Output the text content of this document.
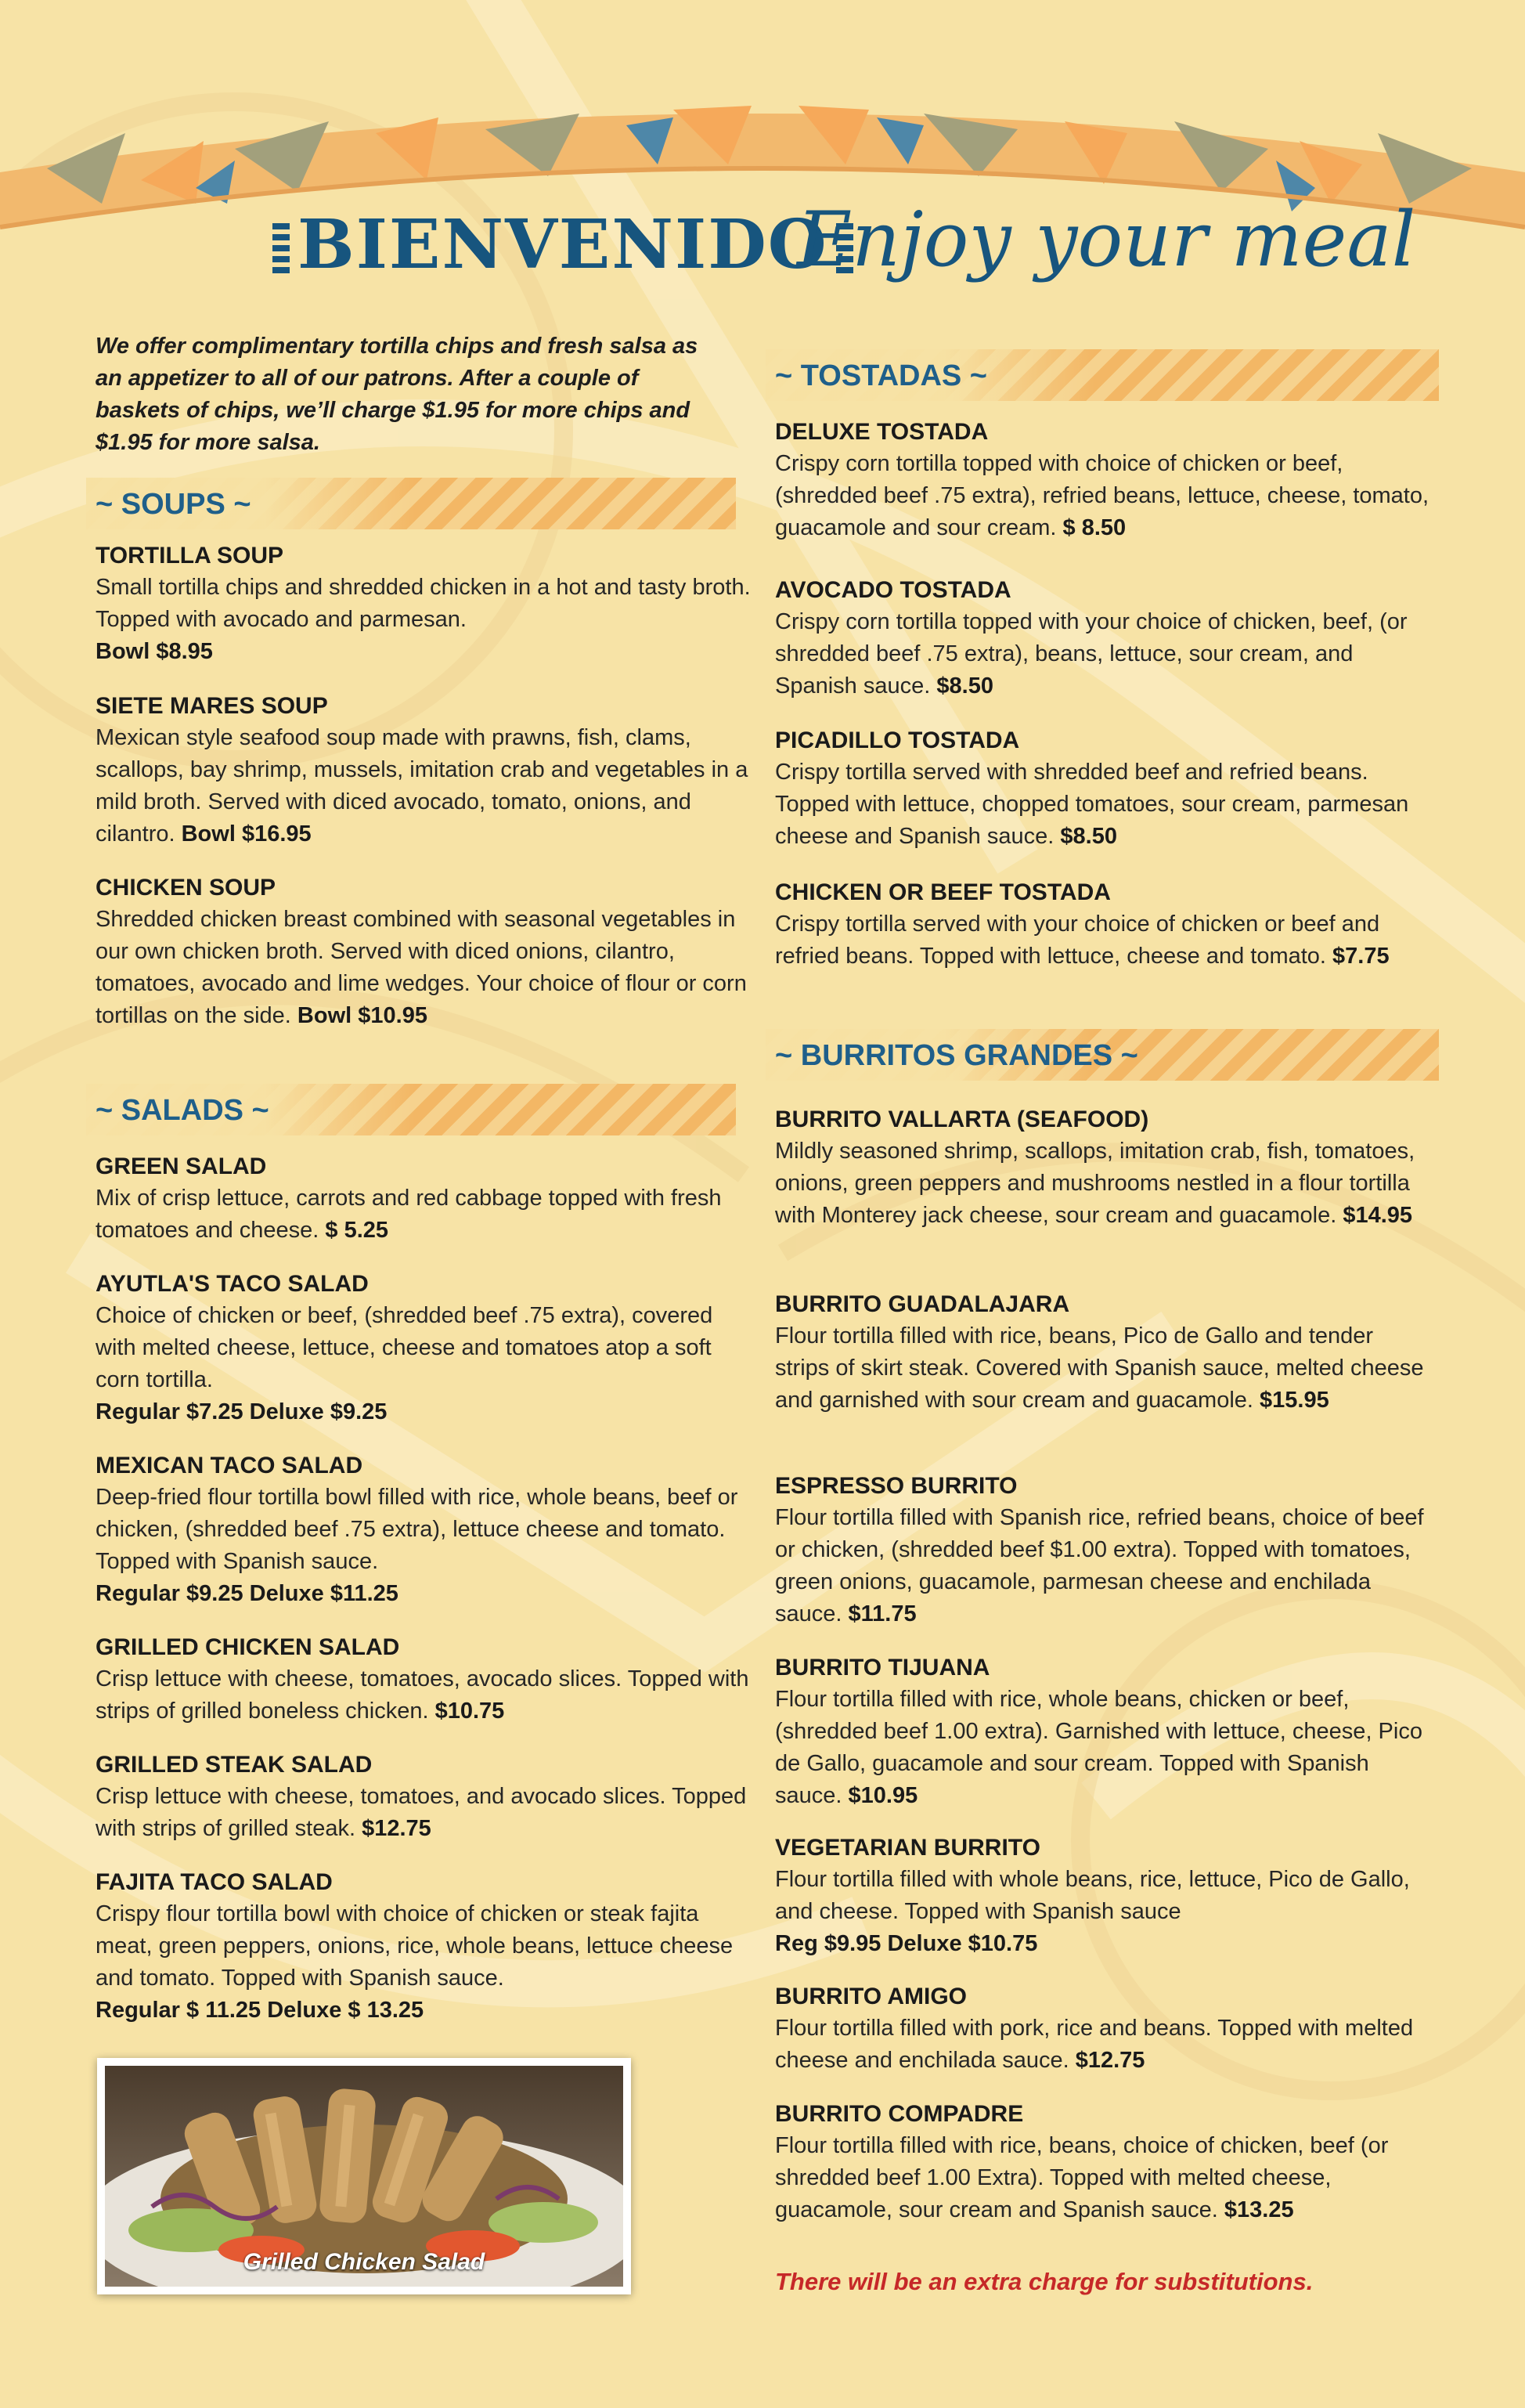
BIENVENIDO
Enjoy your meal
We offer complimentary tortilla chips and fresh salsa as an appetizer to all of our patrons. After a couple of baskets of chips, we’ll charge $1.95 for more chips and $1.95 for more salsa.
~ SOUPS ~
TORTILLA SOUP
Small tortilla chips and shredded chicken in a hot and tasty broth. Topped with avocado and parmesan.
Bowl $8.95
SIETE MARES SOUP
Mexican style seafood soup made with prawns, fish, clams, scallops, bay shrimp, mussels, imitation crab and vegetables in a mild broth. Served with diced avocado, tomato, onions, and cilantro. Bowl $16.95
CHICKEN SOUP
Shredded chicken breast combined with seasonal vegetables in our own chicken broth. Served with diced onions, cilantro, tomatoes, avocado and lime wedges. Your choice of flour or corn tortillas on the side. Bowl $10.95
~ SALADS ~
GREEN SALAD
Mix of crisp lettuce, carrots and red cabbage topped with fresh tomatoes and cheese. $ 5.25
AYUTLA'S TACO SALAD
Choice of chicken or beef, (shredded beef .75 extra), covered with melted cheese, lettuce, cheese and tomatoes atop a soft corn tortilla.
Regular $7.25 Deluxe $9.25
MEXICAN TACO SALAD
Deep-fried flour tortilla bowl filled with rice, whole beans, beef or chicken, (shredded beef .75 extra), lettuce cheese and tomato. Topped with Spanish sauce.
Regular $9.25 Deluxe $11.25
GRILLED CHICKEN SALAD
Crisp lettuce with cheese, tomatoes, avocado slices. Topped with strips of grilled boneless chicken. $10.75
GRILLED STEAK SALAD
Crisp lettuce with cheese, tomatoes, and avocado slices. Topped with strips of grilled steak. $12.75
FAJITA TACO SALAD
Crispy flour tortilla bowl with choice of chicken or steak fajita meat, green peppers, onions, rice, whole beans, lettuce cheese and tomato. Topped with Spanish sauce.
Regular $ 11.25 Deluxe $ 13.25
Grilled Chicken Salad
~ TOSTADAS ~
DELUXE TOSTADA
Crispy corn tortilla topped with choice of chicken or beef, (shredded beef .75 extra), refried beans, lettuce, cheese, tomato, guacamole and sour cream. $ 8.50
AVOCADO TOSTADA
Crispy corn tortilla topped with your choice of chicken, beef, (or shredded beef .75 extra), beans, lettuce, sour cream, and Spanish sauce. $8.50
PICADILLO TOSTADA
Crispy tortilla served with shredded beef and refried beans. Topped with lettuce, chopped tomatoes, sour cream, parmesan cheese and Spanish sauce. $8.50
CHICKEN OR BEEF TOSTADA
Crispy tortilla served with your choice of chicken or beef and refried beans. Topped with lettuce, cheese and tomato. $7.75
~ BURRITOS GRANDES ~
BURRITO VALLARTA (SEAFOOD)
Mildly seasoned shrimp, scallops, imitation crab, fish, tomatoes, onions, green peppers and mushrooms nestled in a flour tortilla with Monterey jack cheese, sour cream and guacamole. $14.95
BURRITO GUADALAJARA
Flour tortilla filled with rice, beans, Pico de Gallo and tender strips of skirt steak. Covered with Spanish sauce, melted cheese and garnished with sour cream and guacamole. $15.95
ESPRESSO BURRITO
Flour tortilla filled with Spanish rice, refried beans, choice of beef or chicken, (shredded beef $1.00 extra). Topped with tomatoes, green onions, guacamole, parmesan cheese and enchilada sauce. $11.75
BURRITO TIJUANA
Flour tortilla filled with rice, whole beans, chicken or beef, (shredded beef 1.00 extra). Garnished with lettuce, cheese, Pico de Gallo, guacamole and sour cream. Topped with Spanish sauce. $10.95
VEGETARIAN BURRITO
Flour tortilla filled with whole beans, rice, lettuce, Pico de Gallo, and cheese. Topped with Spanish sauce
Reg $9.95 Deluxe $10.75
BURRITO AMIGO
Flour tortilla filled with pork, rice and beans. Topped with melted cheese and enchilada sauce. $12.75
BURRITO COMPADRE
Flour tortilla filled with rice, beans, choice of chicken, beef (or shredded beef 1.00 Extra). Topped with melted cheese, guacamole, sour cream and Spanish sauce. $13.25
There will be an extra charge for substitutions.
